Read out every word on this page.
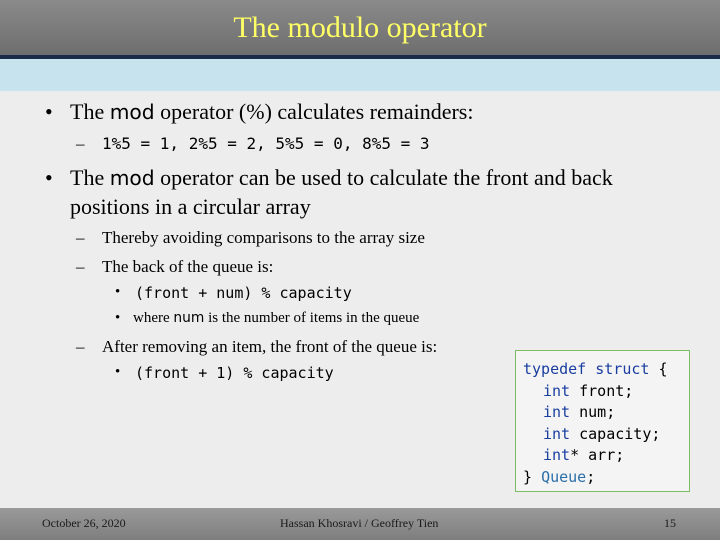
The modulo operator
• The mod operator (%) calculates remainders:
– 1%5 = 1, 2%5 = 2, 5%5 = 0, 8%5 = 3
• The mod operator can be used to calculate the front and back
positions in a circular array
– Thereby avoiding comparisons to the array size
– The back of the queue is:
• (front + num) % capacity
• where num is the number of items in the queue
– After removing an item, the front of the queue is:
• (front + 1) % capacity	typedef struct {
int front;
int num;
int capacity;
int* arr;
} Queue;
October 26, 2020	Hassan Khosravi / Geoffrey Tien	15
